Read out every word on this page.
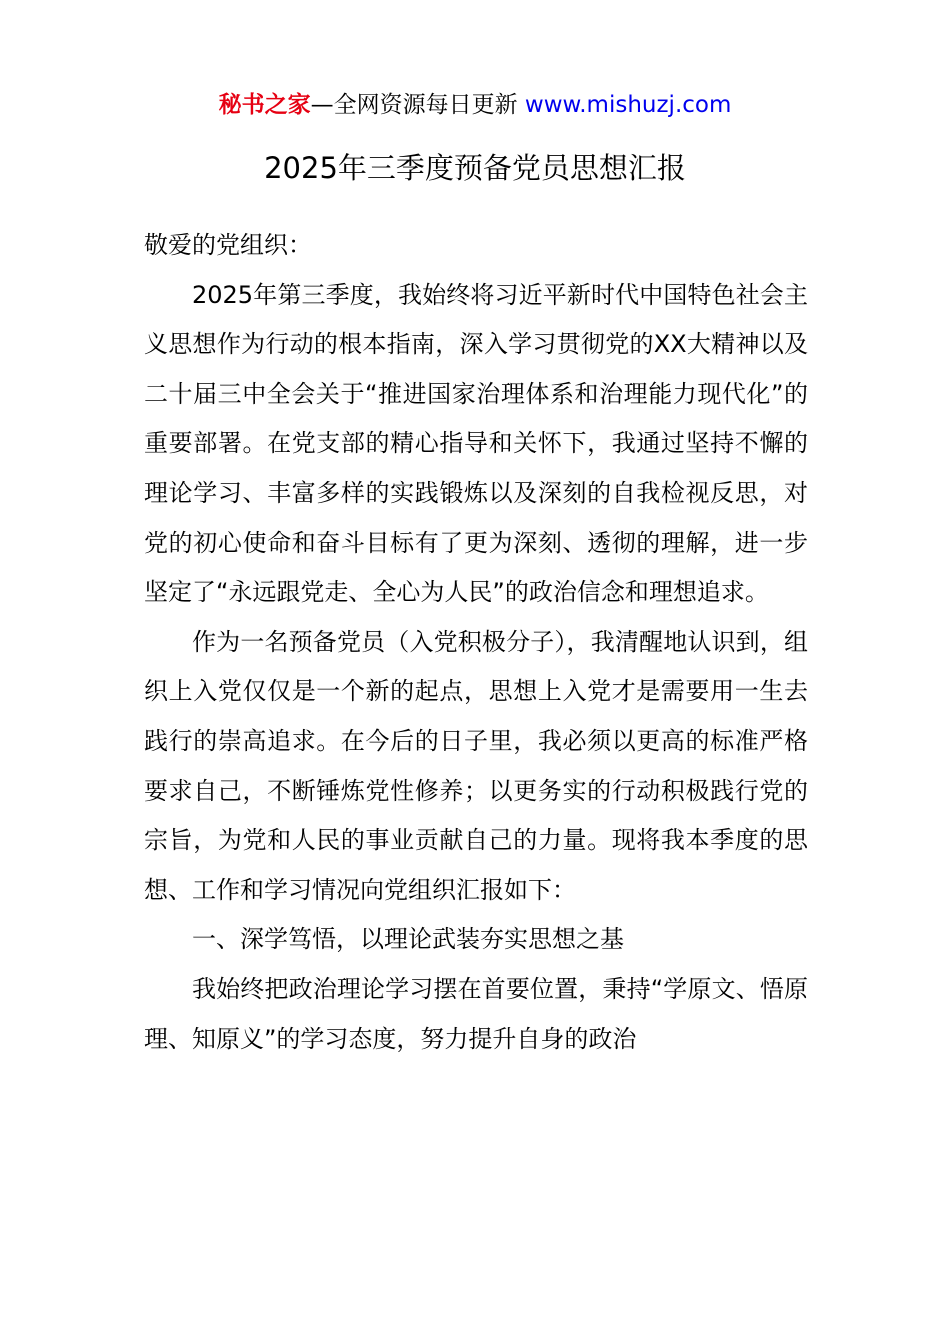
秘书之家—全网资源每日更新 www.mishuzj.com
2025年三季度预备党员思想汇报

敬爱的党组织：

2025年第三季度，我始终将习近平新时代中国特色社会主义思想作为行动的根本指南，深入学习贯彻党的XX大精神以及二十届三中全会关于“推进国家治理体系和治理能力现代化”的重要部署。在党支部的精心指导和关怀下，我通过坚持不懈的理论学习、丰富多样的实践锻炼以及深刻的自我检视反思，对党的初心使命和奋斗目标有了更为深刻、透彻的理解，进一步坚定了“永远跟党走、全心为人民”的政治信念和理想追求。

作为一名预备党员（入党积极分子），我清醒地认识到，组织上入党仅仅是一个新的起点，思想上入党才是需要用一生去践行的崇高追求。在今后的日子里，我必须以更高的标准严格要求自己，不断锤炼党性修养；以更务实的行动积极践行党的宗旨，为党和人民的事业贡献自己的力量。现将我本季度的思想、工作和学习情况向党组织汇报如下：

一、深学笃悟，以理论武装夯实思想之基

我始终把政治理论学习摆在首要位置，秉持“学原文、悟原理、知原义”的学习态度，努力提升自身的政治
